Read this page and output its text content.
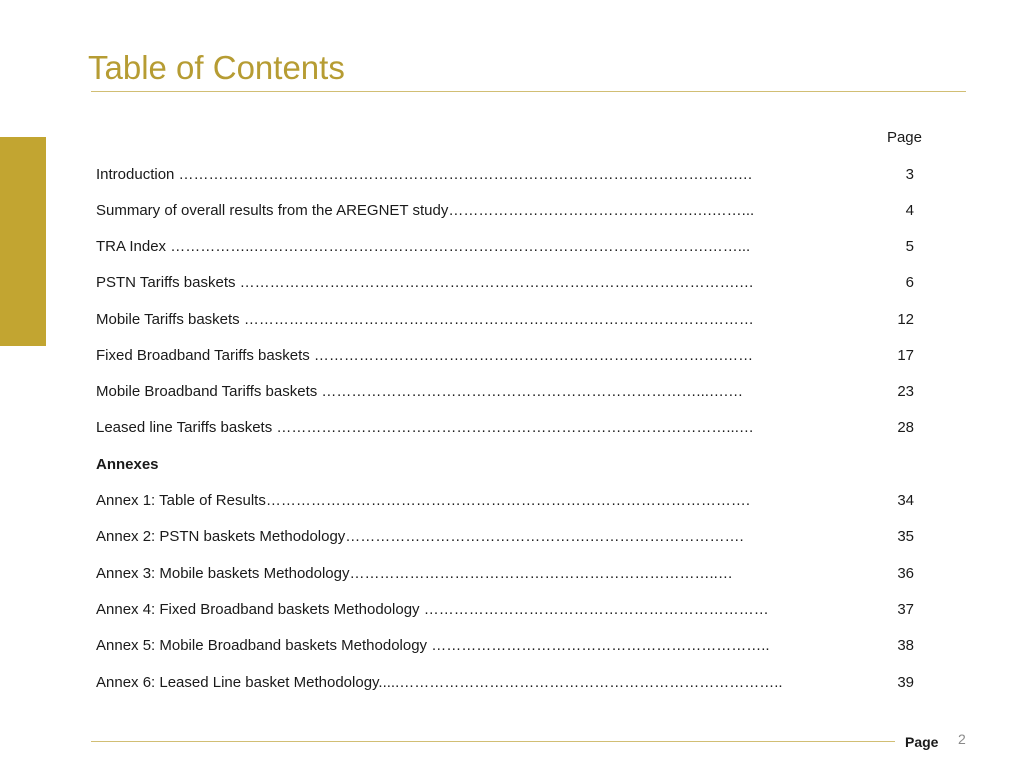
Table of Contents
Page
Introduction ………………………………………………………………………………………………….…	3
Summary of overall results from the AREGNET study………………………………………….….……...	4
TRA Index ……………..……………………………………………………………………………….……...	5
PSTN Tariffs baskets ……………………………………………………………………………………….…	6
Mobile Tariffs baskets …………………………………………………………………………………………	12
Fixed Broadband Tariffs baskets ……………………………………………………………………….……	17
Mobile Broadband Tariffs baskets …………………………………………………………………...….…	23
Leased line Tariffs baskets ………………………………………………………………………………...…	28
Annexes
Annex 1: Table of Results…………………………………………………………………………………….	34
Annex 2: PSTN baskets Methodology………………………………………….………………………….	35
Annex 3: Mobile baskets Methodology………………………………………………………………..…	36
Annex 4: Fixed Broadband baskets Methodology ……………………………………………………………	37
Annex 5: Mobile Broadband baskets Methodology …………………………………………………………..	38
Annex 6: Leased Line basket Methodology.....…………………………………………………………………..	39
Page 2
